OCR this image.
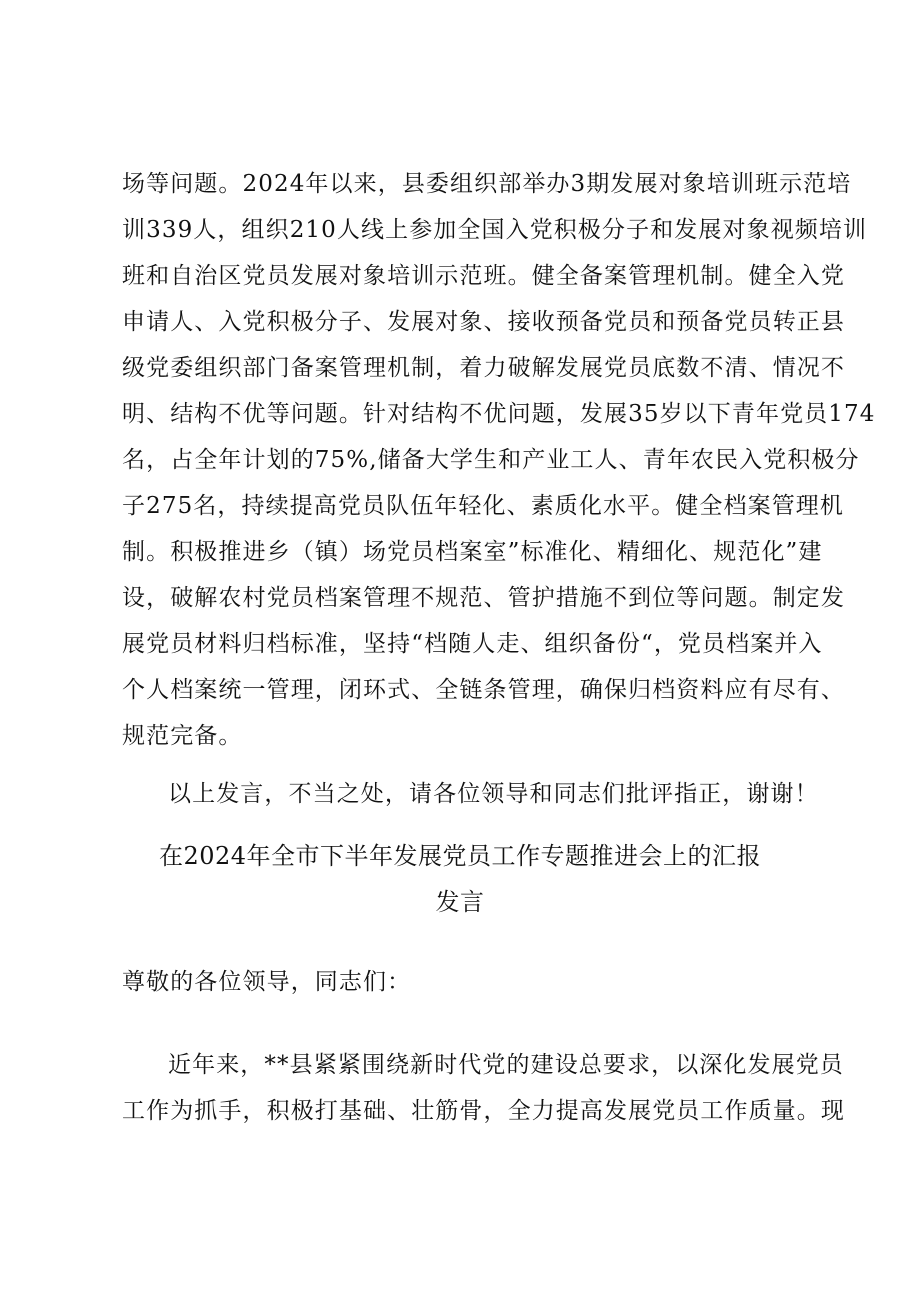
场等问题。2024年以来，县委组织部举办3期发展对象培训班示范培
训339人，组织210人线上参加全国入党积极分子和发展对象视频培训
班和自治区党员发展对象培训示范班。健全备案管理机制。健全入党
申请人、入党积极分子、发展对象、接收预备党员和预备党员转正县
级党委组织部门备案管理机制，着力破解发展党员底数不清、情况不
明、结构不优等问题。针对结构不优问题，发展35岁以下青年党员174
名，占全年计划的75%,储备大学生和产业工人、青年农民入党积极分
子275名，持续提高党员队伍年轻化、素质化水平。健全档案管理机
制。积极推进乡（镇）场党员档案室”标准化、精细化、规范化”建
设，破解农村党员档案管理不规范、管护措施不到位等问题。制定发
展党员材料归档标准，坚持“档随人走、组织备份“，党员档案并入
个人档案统一管理，闭环式、全链条管理，确保归档资料应有尽有、
规范完备。
以上发言，不当之处，请各位领导和同志们批评指正，谢谢！
在2024年全市下半年发展党员工作专题推进会上的汇报
发言
尊敬的各位领导，同志们：
近年来，**县紧紧围绕新时代党的建设总要求，以深化发展党员
工作为抓手，积极打基础、壮筋骨，全力提高发展党员工作质量。现
